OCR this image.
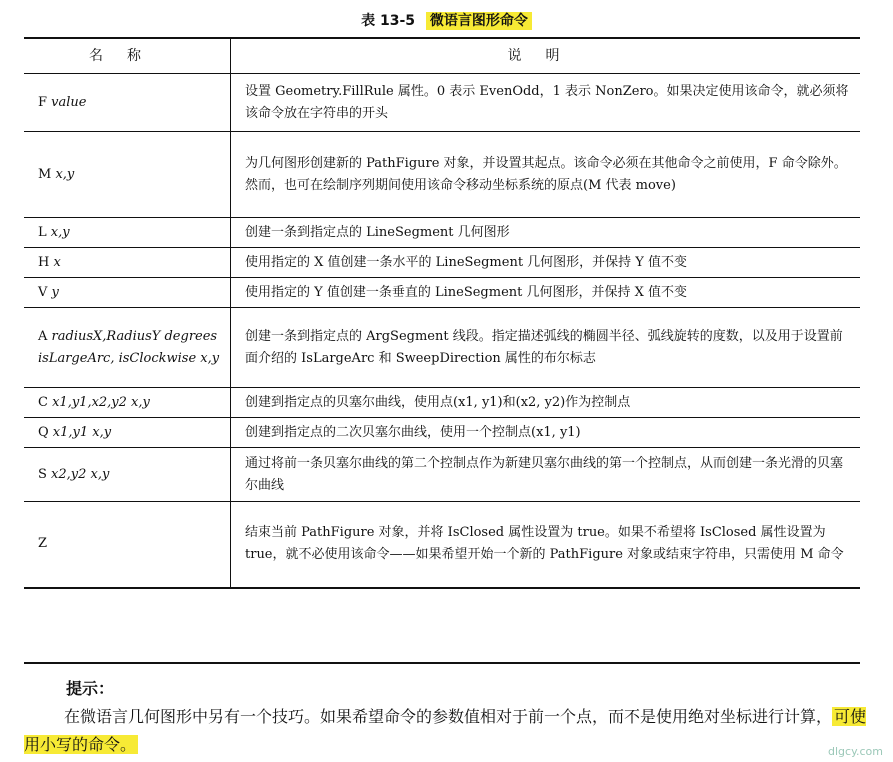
表 13-5 微语言图形命令
名称	说明
F value	设置 Geometry.FillRule 属性。0 表示 EvenOdd，1 表示 NonZero。如果决定使用该命令，就必须将该命令放在字符串的开头
M x,y	为几何图形创建新的 PathFigure 对象，并设置其起点。该命令必须在其他命令之前使用，F 命令除外。然而，也可在绘制序列期间使用该命令移动坐标系统的原点(M 代表 move)
L x,y	创建一条到指定点的 LineSegment 几何图形
H x	使用指定的 X 值创建一条水平的 LineSegment 几何图形，并保持 Y 值不变
V y	使用指定的 Y 值创建一条垂直的 LineSegment 几何图形，并保持 X 值不变
A radiusX,RadiusY degrees isLargeArc, isClockwise x,y	创建一条到指定点的 ArgSegment 线段。指定描述弧线的椭圆半径、弧线旋转的度数，以及用于设置前面介绍的 IsLargeArc 和 SweepDirection 属性的布尔标志
C x1,y1,x2,y2 x,y	创建到指定点的贝塞尔曲线，使用点(x1, y1)和(x2, y2)作为控制点
Q x1,y1 x,y	创建到指定点的二次贝塞尔曲线，使用一个控制点(x1, y1)
S x2,y2 x,y	通过将前一条贝塞尔曲线的第二个控制点作为新建贝塞尔曲线的第一个控制点，从而创建一条光滑的贝塞尔曲线
Z	结束当前 PathFigure 对象，并将 IsClosed 属性设置为 true。如果不希望将 IsClosed 属性设置为 true，就不必使用该命令——如果希望开始一个新的 PathFigure 对象或结束字符串，只需使用 M 命令
提示：
在微语言几何图形中另有一个技巧。如果希望命令的参数值相对于前一个点，而不是使用绝对坐标进行计算， 可使用小写的命令。	dlgcy.com
